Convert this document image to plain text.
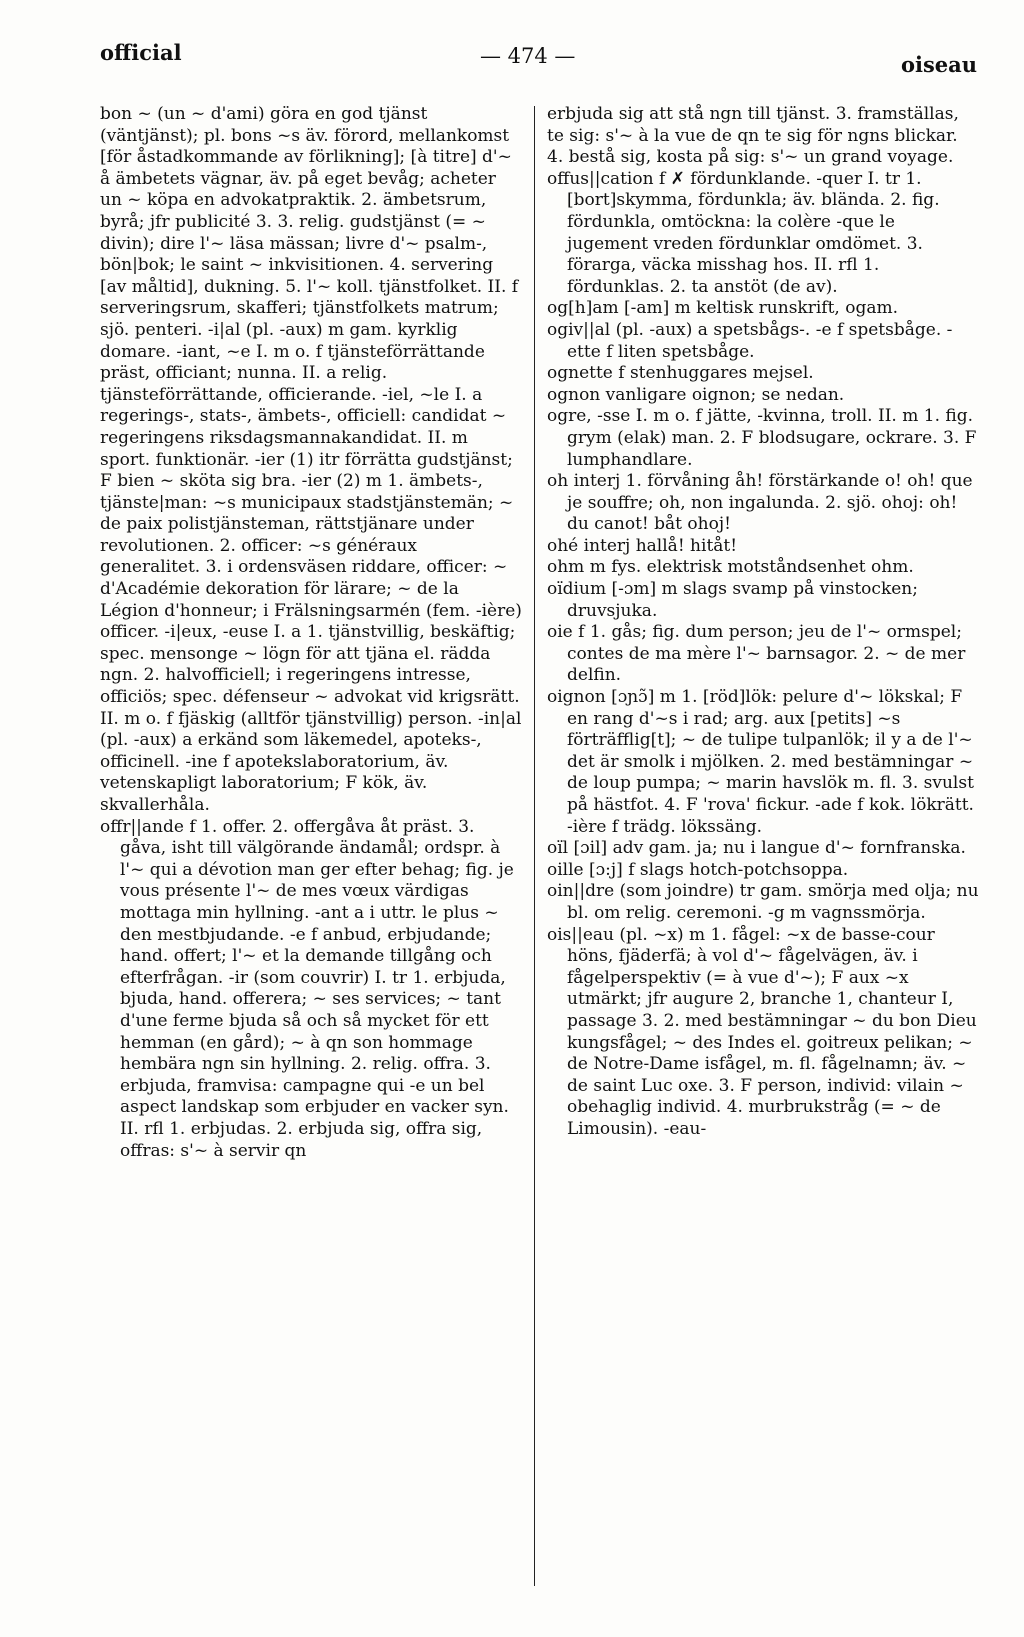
official	— 474 —	oiseau

bon ~ (un ~ d'ami) göra en god tjänst (väntjänst); pl. bons ~s äv. förord, mellankomst [för åstadkommande av förlikning]; [à titre] d'~ å ämbetets vägnar, äv. på eget bevåg; acheter un ~ köpa en advokatpraktik. 2. ämbetsrum, byrå; jfr publicité 3. 3. relig. gudstjänst (= ~ divin); dire l'~ läsa mässan; livre d'~ psalm-, bön|bok; le saint ~ inkvisitionen. 4. servering [av måltid], dukning. 5. l'~ koll. tjänstfolket. II. f serveringsrum, skafferi; tjänstfolkets matrum; sjö. penteri. -i|al (pl. -aux) m gam. kyrklig domare. -iant, ~e I. m o. f tjänsteförrättande präst, officiant; nunna. II. a relig. tjänsteförrättande, officierande. -iel, ~le I. a regerings-, stats-, ämbets-, officiell: candidat ~ regeringens riksdagsmannakandidat. II. m sport. funktionär. -ier (1) itr förrätta gudstjänst; F bien ~ sköta sig bra. -ier (2) m 1. ämbets-, tjänste|man: ~s municipaux stadstjänstemän; ~ de paix polistjänsteman, rättstjänare under revolutionen. 2. officer: ~s généraux generalitet. 3. i ordensväsen riddare, officer: ~ d'Académie dekoration för lärare; ~ de la Légion d'honneur; i Frälsningsarmén (fem. -ière) officer. -i|eux, -euse I. a 1. tjänstvillig, beskäftig; spec. mensonge ~ lögn för att tjäna el. rädda ngn. 2. halvofficiell; i regeringens intresse, officiös; spec. défenseur ~ advokat vid krigsrätt. II. m o. f fjäskig (alltför tjänstvillig) person. -in|al (pl. -aux) a erkänd som läkemedel, apoteks-, officinell. -ine f apotekslaboratorium, äv. vetenskapligt laboratorium; F kök, äv. skvallerhåla.

offr||ande f 1. offer. 2. offergåva åt präst. 3. gåva, isht till välgörande ändamål; ordspr. à l'~ qui a dévotion man ger efter behag; fig. je vous présente l'~ de mes vœux värdigas mottaga min hyllning. -ant a i uttr. le plus ~ den mestbjudande. -e f anbud, erbjudande; hand. offert; l'~ et la demande tillgång och efterfrågan. -ir (som couvrir) I. tr 1. erbjuda, bjuda, hand. offerera; ~ ses services; ~ tant d'une ferme bjuda så och så mycket för ett hemman (en gård); ~ à qn son hommage hembära ngn sin hyllning. 2. relig. offra. 3. erbjuda, framvisa: campagne qui -e un bel aspect landskap som erbjuder en vacker syn. II. rfl 1. erbjudas. 2. erbjuda sig, offra sig, offras: s'~ à servir qn

erbjuda sig att stå ngn till tjänst. 3. framställas, te sig: s'~ à la vue de qn te sig för ngns blickar. 4. bestå sig, kosta på sig: s'~ un grand voyage.

offus||cation f ✗ fördunklande. -quer I. tr 1. [bort]skymma, fördunkla; äv. blända. 2. fig. fördunkla, omtöckna: la colère -que le jugement vreden fördunklar omdömet. 3. förarga, väcka misshag hos. II. rfl 1. fördunklas. 2. ta anstöt (de av).

og[h]am [-am] m keltisk runskrift, ogam.

ogiv||al (pl. -aux) a spetsbågs-. -e f spetsbåge. -ette f liten spetsbåge.

ognette f stenhuggares mejsel.

ognon vanligare oignon; se nedan.

ogre, -sse I. m o. f jätte, -kvinna, troll. II. m 1. fig. grym (elak) man. 2. F blodsugare, ockrare. 3. F lumphandlare.

oh interj 1. förvåning åh! förstärkande o! oh! que je souffre; oh, non ingalunda. 2. sjö. ohoj: oh! du canot! båt ohoj!

ohé interj hallå! hitåt!

ohm m fys. elektrisk motståndsenhet ohm.

oïdium [-ɔm] m slags svamp på vinstocken; druvsjuka.

oie f 1. gås; fig. dum person; jeu de l'~ ormspel; contes de ma mère l'~ barnsagor. 2. ~ de mer delfin.

oignon [ɔɲɔ̃] m 1. [röd]lök: pelure d'~ lökskal; F en rang d'~s i rad; arg. aux [petits] ~s förträfflig[t]; ~ de tulipe tulpanlök; il y a de l'~ det är smolk i mjölken. 2. med bestämningar ~ de loup pumpa; ~ marin havslök m. fl. 3. svulst på hästfot. 4. F 'rova' fickur. -ade f kok. lökrätt. -ière f trädg. lökssäng.

oïl [ɔil] adv gam. ja; nu i langue d'~ fornfranska.

oille [ɔ:j] f slags hotch-potchsoppa.

oin||dre (som joindre) tr gam. smörja med olja; nu bl. om relig. ceremoni. -g m vagnssmörja.

ois||eau (pl. ~x) m 1. fågel: ~x de basse-cour höns, fjäderfä; à vol d'~ fågelvägen, äv. i fågelperspektiv (= à vue d'~); F aux ~x utmärkt; jfr augure 2, branche 1, chanteur I, passage 3. 2. med bestämningar ~ du bon Dieu kungsfågel; ~ des Indes el. goitreux pelikan; ~ de Notre-Dame isfågel, m. fl. fågelnamn; äv. ~ de saint Luc oxe. 3. F person, individ: vilain ~ obehaglig individ. 4. murbrukstråg (= ~ de Limousin). -eau-
